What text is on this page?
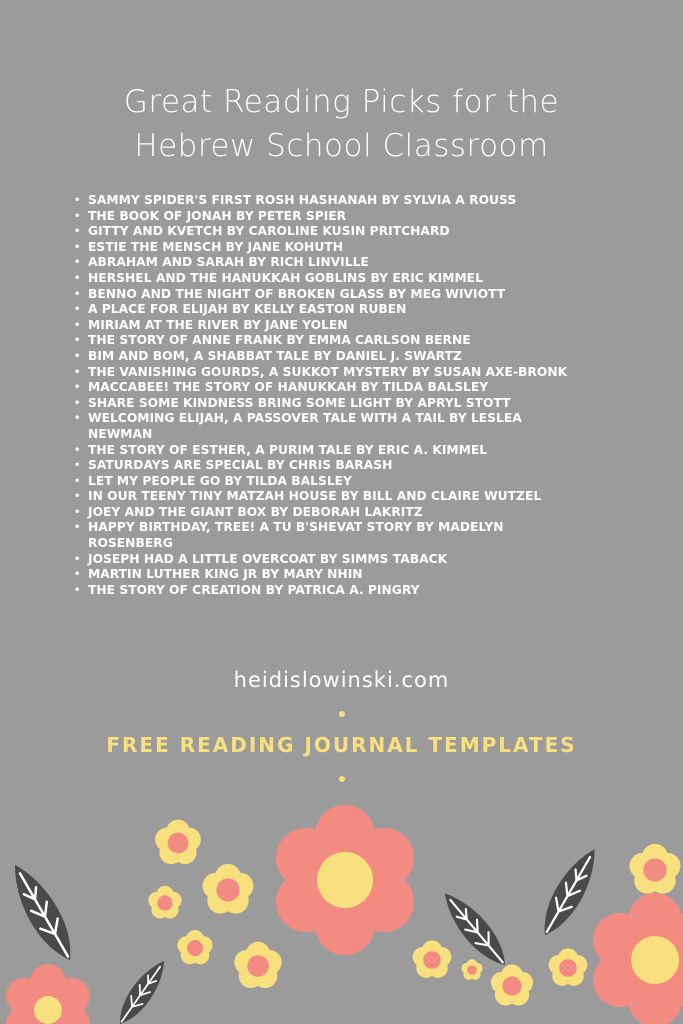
Great Reading Picks for the
Hebrew School Classroom
• SAMMY SPIDER'S FIRST ROSH HASHANAH BY SYLVIA A ROUSS
• THE BOOK OF JONAH BY PETER SPIER
• GITTY AND KVETCH BY CAROLINE KUSIN PRITCHARD
• ESTIE THE MENSCH BY JANE KOHUTH
• ABRAHAM AND SARAH BY RICH LINVILLE
• HERSHEL AND THE HANUKKAH GOBLINS BY ERIC KIMMEL
• BENNO AND THE NIGHT OF BROKEN GLASS BY MEG WIVIOTT
• A PLACE FOR ELIJAH BY KELLY EASTON RUBEN
• MIRIAM AT THE RIVER BY JANE YOLEN
• THE STORY OF ANNE FRANK BY EMMA CARLSON BERNE
• BIM AND BOM, A SHABBAT TALE BY DANIEL J. SWARTZ
• THE VANISHING GOURDS, A SUKKOT MYSTERY BY SUSAN AXE-BRONK
• MACCABEE! THE STORY OF HANUKKAH BY TILDA BALSLEY
• SHARE SOME KINDNESS BRING SOME LIGHT BY APRYL STOTT
• WELCOMING ELIJAH, A PASSOVER TALE WITH A TAIL BY LESLEA NEWMAN
• THE STORY OF ESTHER, A PURIM TALE BY ERIC A. KIMMEL
• SATURDAYS ARE SPECIAL BY CHRIS BARASH
• LET MY PEOPLE GO BY TILDA BALSLEY
• IN OUR TEENY TINY MATZAH HOUSE BY BILL AND CLAIRE WUTZEL
• JOEY AND THE GIANT BOX BY DEBORAH LAKRITZ
• HAPPY BIRTHDAY, TREE! A TU B'SHEVAT STORY BY MADELYN ROSENBERG
• JOSEPH HAD A LITTLE OVERCOAT BY SIMMS TABACK
• MARTIN LUTHER KING JR BY MARY NHIN
• THE STORY OF CREATION BY PATRICA A. PINGRY
heidislowinski.com
FREE READING JOURNAL TEMPLATES
